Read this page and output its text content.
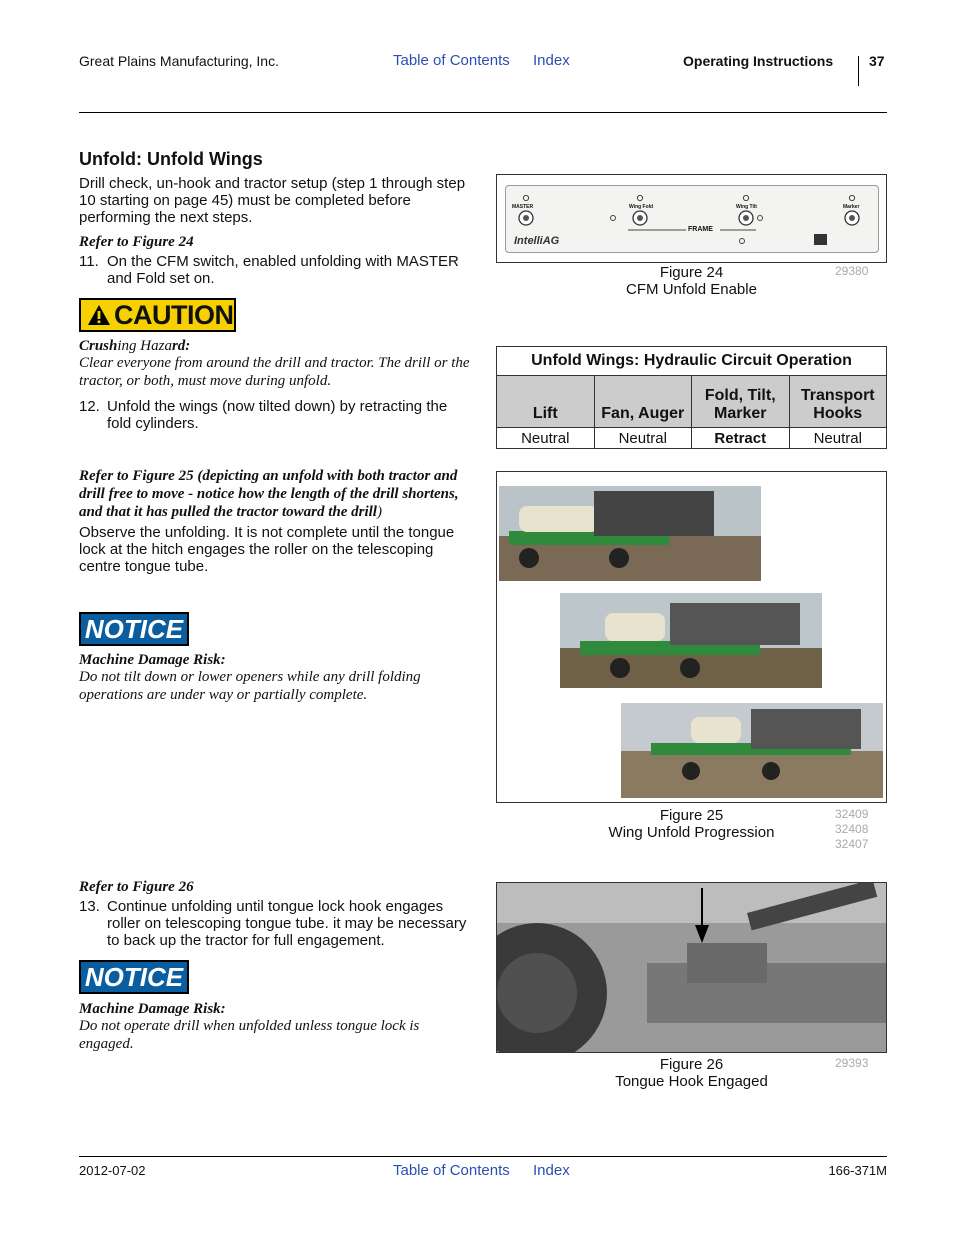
Great Plains Manufacturing, Inc.	Table of Contents Index	Operating Instructions	37
Unfold: Unfold Wings
Drill check, un-hook and tractor setup (step 1 through step 10 starting on page 45) must be completed before performing the next steps.
Refer to Figure 24
11. On the CFM switch, enabled unfolding with MASTER and Fold set on.
CAUTION
Crushing Hazard:
Clear everyone from around the drill and tractor. The drill or the tractor, or both, must move during unfold.
12. Unfold the wings (now tilted down) by retracting the fold cylinders.
Refer to Figure 25 (depicting an unfold with both tractor and drill free to move - notice how the length of the drill shortens, and that it has pulled the tractor toward the drill)
Observe the unfolding. It is not complete until the tongue lock at the hitch engages the roller on the telescoping centre tongue tube.
NOTICE
Machine Damage Risk:
Do not tilt down or lower openers while any drill folding operations are under way or partially complete.
Refer to Figure 26
13. Continue unfolding until tongue lock hook engages roller on telescoping tongue tube. it may be necessary to back up the tractor for full engagement.
NOTICE
Machine Damage Risk:
Do not operate drill when unfolded unless tongue lock is engaged.
MASTER	Wing Fold	Wing Tilt	Marker
FRAME
IntelliAG
Figure 24
CFM Unfold Enable
29380
Unfold Wings: Hydraulic Circuit Operation			
Lift	Fan, Auger	Fold, Tilt, Marker	Transport Hooks
Neutral	Neutral	Retract	Neutral
Figure 25
Wing Unfold Progression
32409
32408
32407
Figure 26
Tongue Hook Engaged
29393
2012-07-02	Table of Contents Index	166-371M
